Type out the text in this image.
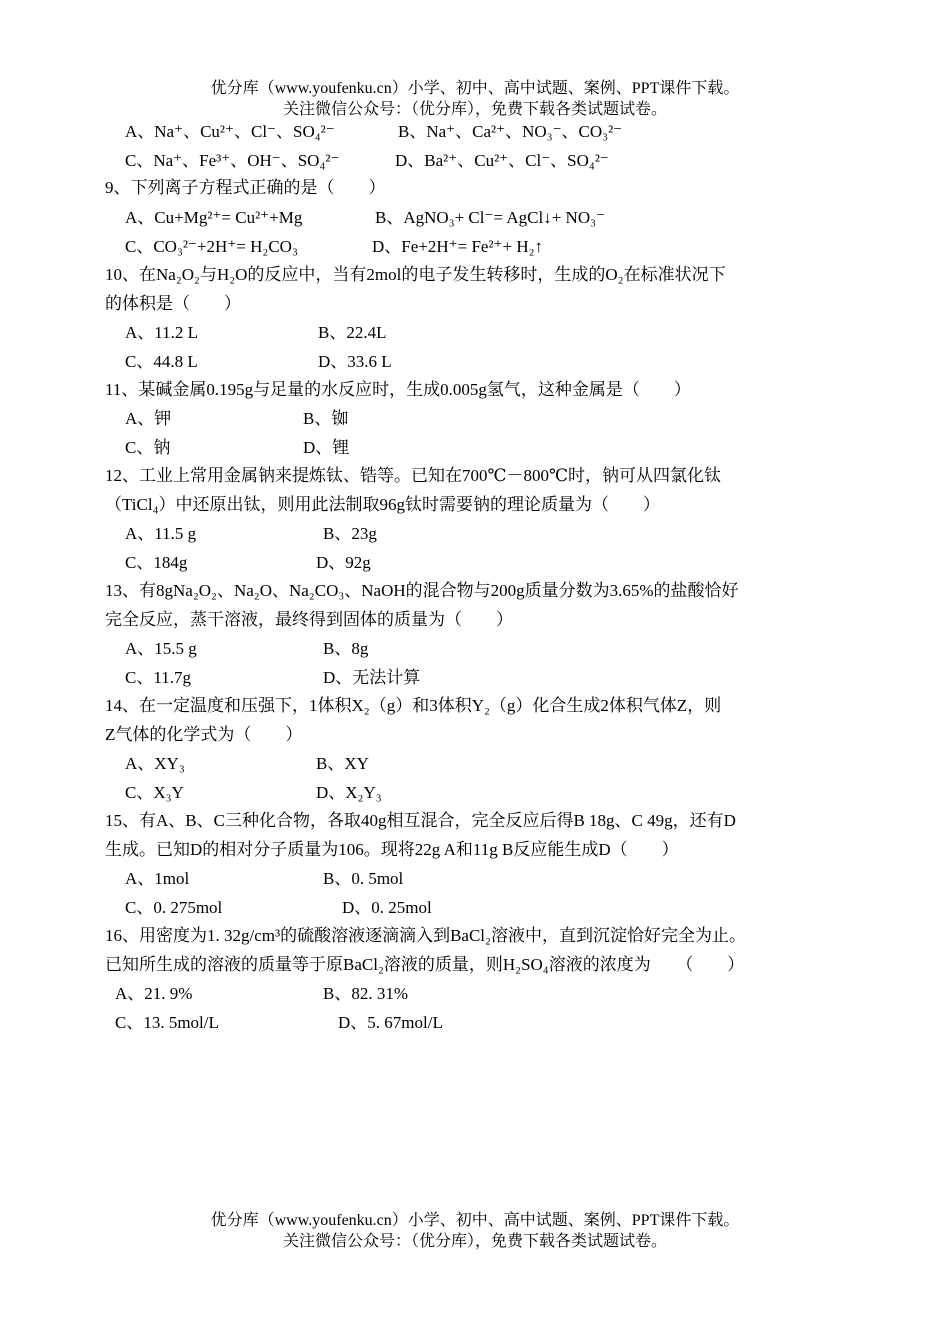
优分库（www.youfenku.cn）小学、初中、高中试题、案例、PPT课件下载。
关注微信公众号：（优分库），免费下载各类试题试卷。
A、Na⁺、Cu²⁺、Cl⁻、SO₄²⁻	B、Na⁺、Ca²⁺、NO₃⁻、CO₃²⁻
C、Na⁺、Fe³⁺、OH⁻、SO₄²⁻	D、Ba²⁺、Cu²⁺、Cl⁻、SO₄²⁻
9、下列离子方程式正确的是（　　）
A、Cu+Mg²⁺= Cu²⁺+Mg	B、AgNO₃+ Cl⁻= AgCl↓+ NO₃⁻
C、CO₃²⁻+2H⁺= H₂CO₃	D、Fe+2H⁺= Fe²⁺+ H₂↑
10、在Na₂O₂与H₂O的反应中，当有2mol的电子发生转移时，生成的O₂在标准状况下
的体积是（　　）
A、11.2 L	B、22.4L
C、44.8 L	D、33.6 L
11、某碱金属0.195g与足量的水反应时，生成0.005g氢气，这种金属是（　　）
A、钾	B、铷
C、钠	D、锂
12、工业上常用金属钠来提炼钛、锆等。已知在700℃－800℃时，钠可从四氯化钛
（TiCl₄）中还原出钛，则用此法制取96g钛时需要钠的理论质量为（　　）
A、11.5 g	B、23g
C、184g	D、92g
13、有8gNa₂O₂、Na₂O、Na₂CO₃、NaOH的混合物与200g质量分数为3.65%的盐酸恰好
完全反应，蒸干溶液，最终得到固体的质量为（　　）
A、15.5 g	B、8g
C、11.7g	D、无法计算
14、在一定温度和压强下，1体积X₂（g）和3体积Y₂（g）化合生成2体积气体Z，则
Z气体的化学式为（　　）
A、XY₃	B、XY
C、X₃Y	D、X₂Y₃
15、有A、B、C三种化合物，各取40g相互混合，完全反应后得B 18g、C 49g，还有D
生成。已知D的相对分子质量为106。现将22g A和11g B反应能生成D（　　）
A、1mol	B、0. 5mol
C、0. 275mol	D、0. 25mol
16、用密度为1. 32g/cm³的硫酸溶液逐滴滴入到BaCl₂溶液中，直到沉淀恰好完全为止。
已知所生成的溶液的质量等于原BaCl₂溶液的质量，则H₂SO₄溶液的浓度为　　（　　）
A、21. 9%	B、82. 31%
C、13. 5mol/L	D、5. 67mol/L
优分库（www.youfenku.cn）小学、初中、高中试题、案例、PPT课件下载。
关注微信公众号：（优分库），免费下载各类试题试卷。
